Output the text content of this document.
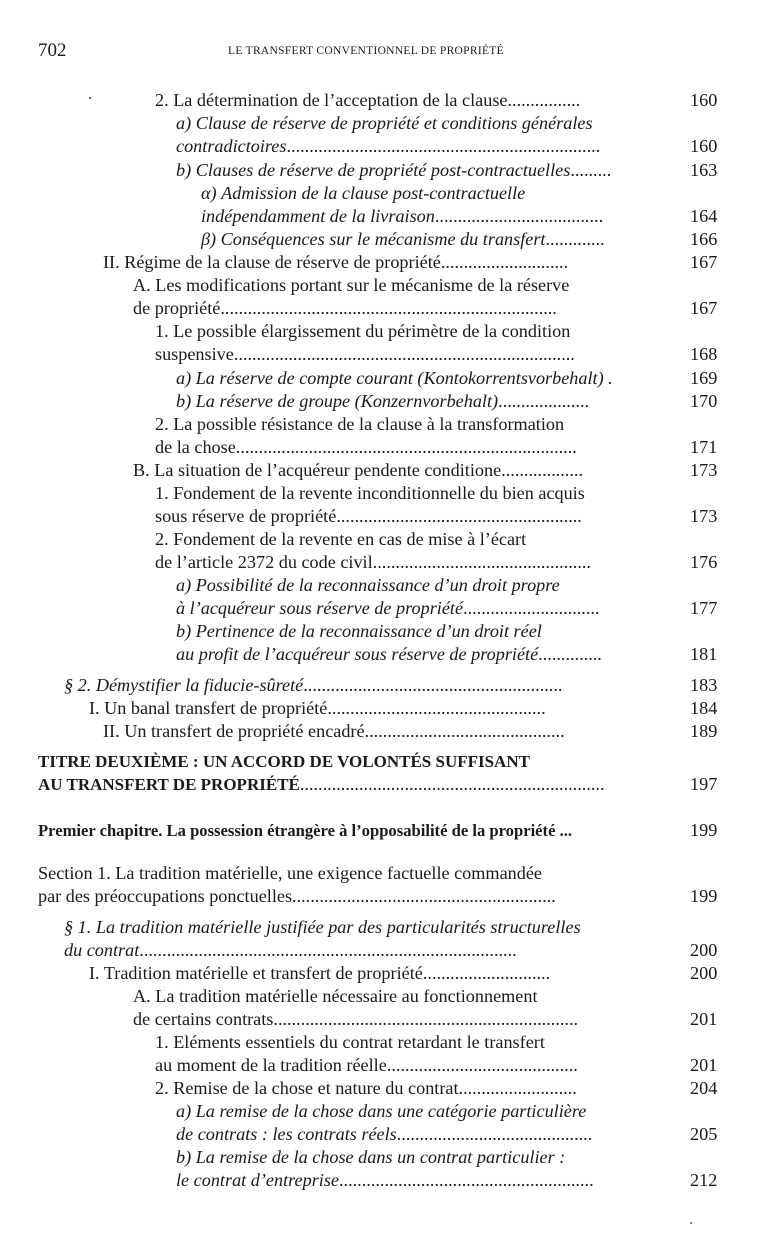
702	LE TRANSFERT CONVENTIONNEL DE PROPRIÉTÉ
2. La détermination de l’acceptation de la clause................	160
a) Clause de réserve de propriété et conditions générales
contradictoires.....................................................................	160
b) Clauses de réserve de propriété post-contractuelles.........	163
α) Admission de la clause post-contractuelle
indépendamment de la livraison.....................................	164
β) Conséquences sur le mécanisme du transfert.............	166
II. Régime de la clause de réserve de propriété............................	167
A. Les modifications portant sur le mécanisme de la réserve
de propriété..........................................................................	167
1. Le possible élargissement du périmètre de la condition
suspensive...........................................................................	168
a) La réserve de compte courant (Kontokorrentsvorbehalt) .	169
b) La réserve de groupe (Konzernvorbehalt)....................	170
2. La possible résistance de la clause à la transformation
de la chose...........................................................................	171
B. La situation de l’acquéreur pendente conditione..................	173
1. Fondement de la revente inconditionnelle du bien acquis
sous réserve de propriété......................................................	173
2. Fondement de la revente en cas de mise à l’écart
de l’article 2372 du code civil................................................	176
a) Possibilité de la reconnaissance d’un droit propre
à l’acquéreur sous réserve de propriété..............................	177
b) Pertinence de la reconnaissance d’un droit réel
au profit de l’acquéreur sous réserve de propriété..............	181
§ 2. Démystifier la fiducie-sûreté.........................................................	183
I. Un banal transfert de propriété................................................	184
II. Un transfert de propriété encadré............................................	189
TITRE DEUXIÈME : UN ACCORD DE VOLONTÉS SUFFISANT
AU TRANSFERT DE PROPRIÉTÉ...................................................................	197
Premier chapitre. La possession étrangère à l’opposabilité de la propriété ...	199
Section 1. La tradition matérielle, une exigence factuelle commandée
par des préoccupations ponctuelles..........................................................	199
§ 1. La tradition matérielle justifiée par des particularités structurelles
du contrat...................................................................................	200
I. Tradition matérielle et transfert de propriété............................	200
A. La tradition matérielle nécessaire au fonctionnement
de certains contrats...................................................................	201
1. Eléments essentiels du contrat retardant le transfert
au moment de la tradition réelle..........................................	201
2. Remise de la chose et nature du contrat..........................	204
a) La remise de la chose dans une catégorie particulière
de contrats : les contrats réels...........................................	205
b) La remise de la chose dans un contrat particulier :
le contrat d’entreprise........................................................	212
